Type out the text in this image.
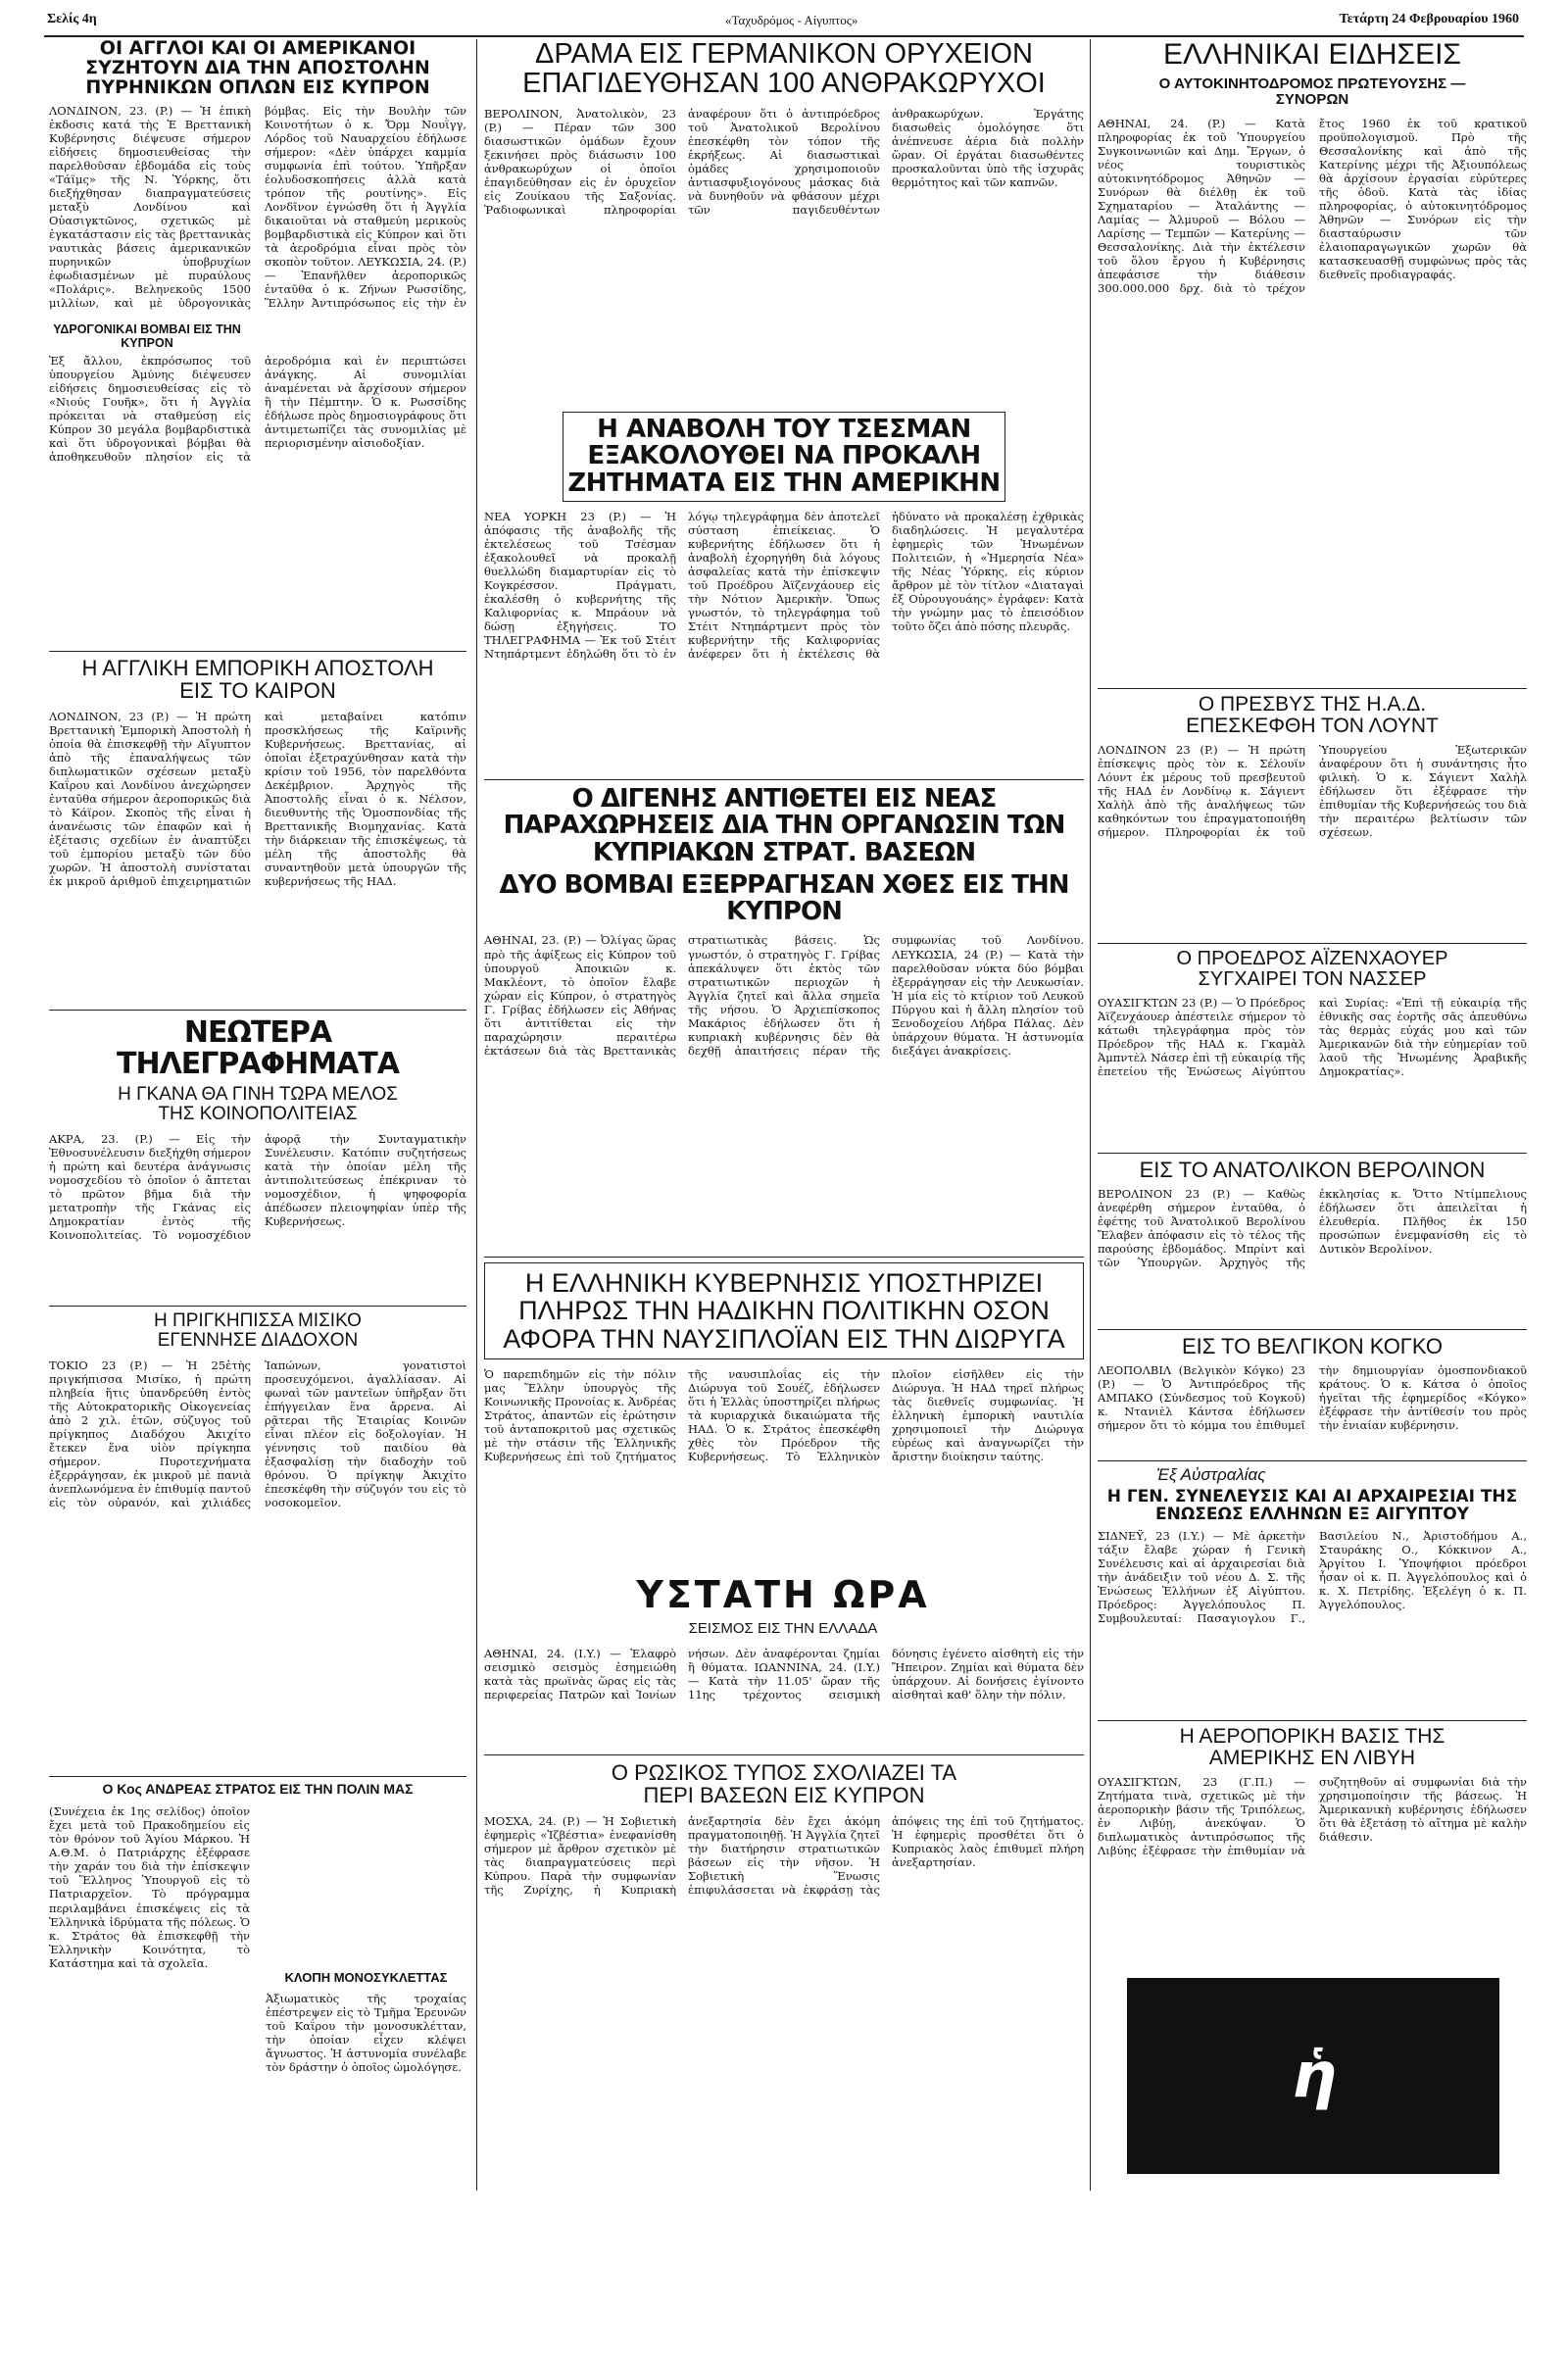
Σελίς 4η	«Ταχυδρόμος - Αίγυπτος»	Τετάρτη 24 Φεβρουαρίου 1960
ΟΙ ΑΓΓΛΟΙ ΚΑΙ ΟΙ ΑΜΕΡΙΚΑΝΟΙ ΣΥΖΗΤΟΥΝ ΔΙΑ ΤΗΝ ΑΠΟΣΤΟΛΗΝ ΠΥΡΗΝΙΚΩΝ ΟΠΛΩΝ ΕΙΣ ΚΥΠΡΟΝ
ΛΟΝΔΙΝΟΝ, 23. (P.) — Ἡ ἐπικὴ ἐκδοσις κατά τὴς Ἐ Βρεττανικὴ Κυβέρνησις διέψευσε σήμερον εἰδήσεις δημοσιευθείσας τὴν παρελθοῦσαν ἑβδομάδα εἰς τοὺς «Τάϊμς» τῆς Ν. Ὑόρκης, ὅτι διεξήχθησαν διαπραγματεύσεις μεταξὺ Λονδίνου καὶ Οὐασιγκτῶνος, σχετικῶς μὲ ἐγκατάστασιν εἰς τὰς βρεττανικὰς ναυτικὰς βάσεις ἀμερικανικῶν πυρηνικῶν ὑποβρυχίων ἐφωδιασμένων μὲ πυραύλους «Πολάρις». Βεληνεκοῦς 1500 μιλλίων, καὶ μὲ ὑδρογονικὰς βόμβας. Εἰς τὴν Βουλὴν τῶν Κοινοτήτων ὁ κ. Ὄρμ Νουῒγγ, Λόρδος τοῦ Ναυαρχείου ἐδήλωσε σήμερον: «Δὲν ὑπάρχει καμμία συμφωνία ἐπὶ τούτου. Ὑπῆρξαν ἐολυδοσκοπήσεις ἀλλὰ κατὰ τρόπον τῆς ρουτίνης». Εἰς Λονδῖνον ἐγνώσθη ὅτι ἡ Ἀγγλία δικαιοῦται νὰ σταθμεύη μερικοὺς βομβαρδιστικὰ εἰς Κύπρον καὶ ὅτι τὰ ἀεροδρόμια εἶναι πρὸς τὸν σκοπὸν τοῦτον. ΛΕΥΚΩΣΙΑ, 24. (P.) — Ἐπανῆλθεν ἀεροπορικῶς ἐνταῦθα ὁ κ. Ζήνων Ρωσσίδης, Ἕλλην Ἀντιπρόσωπος εἰς τὴν ἐν
ΥΔΡΟΓΟΝΙΚΑΙ ΒΟΜΒΑΙ ΕΙΣ ΤΗΝ ΚΥΠΡΟΝ
Ἐξ ἄλλου, ἐκπρόσωπος τοῦ ὑπουργείου Ἀμύνης διέψευσεν εἰδήσεις δημοσιευθείσας εἰς τὸ «Νιούς Γουῆκ», ὅτι ἡ Ἀγγλία πρόκειται νὰ σταθμεύσῃ εἰς Κύπρον 30 μεγάλα βομβαρδιστικὰ καὶ ὅτι ὑδρογονικαὶ βόμβαι θὰ ἀποθηκευθοῦν πλησίον εἰς τὰ ἀεροδρόμια καὶ ἐν περιπτώσει ἀνάγκης. Αἱ συνομιλίαι ἀναμένεται νὰ ἄρχίσουν σήμερον ἢ τὴν Πέμπτην. Ὁ κ. Ρωσσίδης ἐδήλωσε πρὸς δημοσιογράφους ὅτι ἀντιμετωπίζει τὰς συνομιλίας μὲ περιορισμένην αἰσιοδοξίαν.
Η ΑΓΓΛΙΚΗ ΕΜΠΟΡΙΚΗ ΑΠΟΣΤΟΛΗ ΕΙΣ ΤΟ ΚΑΙΡΟΝ
ΛΟΝΔΙΝΟΝ, 23 (P.) — Ἡ πρώτη Βρεττανικὴ Ἐμπορικὴ Ἀποστολὴ ἡ ὁποία θὰ ἐπισκεφθῇ τὴν Αἴγυπτον ἀπὸ τῆς ἐπαναλήψεως τῶν διπλωματικῶν σχέσεων μεταξὺ Καΐρου καὶ Λονδίνου ἀνεχώρησεν ἐνταῦθα σήμερον ἀεροπορικῶς διὰ τὸ Κάϊρον. Σκοπὸς τῆς εἶναι ἡ ἀνανέωσις τῶν ἐπαφῶν καὶ ἡ ἐξέτασις σχεδίων ἐν ἀναπτύξει τοῦ ἐμπορίου μεταξὺ τῶν δύο χωρῶν. Ἡ ἀποστολὴ συνίσταται ἐκ μικροῦ ἀριθμοῦ ἐπιχειρηματιῶν καὶ μεταβαίνει κατόπιν προσκλήσεως τῆς Καϊρινῆς Κυβερνήσεως. Βρεττανίας, αἱ ὁποῖαι ἐξετραχύνθησαν κατὰ τὴν κρίσιν τοῦ 1956, τὸν παρελθόντα Δεκέμβριον. Ἀρχηγὸς τῆς Ἀποστολῆς εἶναι ὁ κ. Νέλσον, διευθυντὴς τῆς Ὁμοσπονδίας τῆς Βρεττανικῆς Βιομηχανίας. Κατὰ τὴν διάρκειαν τῆς ἐπισκέψεως, τὰ μέλη τῆς ἀποστολῆς θὰ συναντηθοῦν μετὰ ὑπουργῶν τῆς κυβερνήσεως τῆς ΗΑΔ.
ΝΕΩΤΕΡΑ ΤΗΛΕΓΡΑΦΗΜΑΤΑ
Η ΓΚΑΝΑ ΘΑ ΓΙΝΗ ΤΩΡΑ ΜΕΛΟΣ ΤΗΣ ΚΟΙΝΟΠΟΛΙΤΕΙΑΣ
ΑΚΡΑ, 23. (P.) — Εἰς τὴν Ἐθνοσυνέλευσιν διεξήχθη σήμερον ἡ πρώτη καὶ δευτέρα ἀνάγνωσις νομοσχεδίου τὸ ὁποῖον ὁ ἄπτεται τὸ πρῶτον βῆμα διὰ τὴν μετατροπὴν τῆς Γκάνας εἰς Δημοκρατίαν ἐντὸς τῆς Κοινοπολιτείας. Τὸ νομοσχέδιον ἀφορᾷ τὴν Συνταγματικὴν Συνέλευσιν. Κατόπιν συζητήσεως κατὰ τὴν ὁποίαν μέλη τῆς ἀντιπολιτεύσεως ἐπέκριναν τὸ νομοσχέδιον, ἡ ψηφοφορία ἀπέδωσεν πλειοψηφίαν ὑπὲρ τῆς Κυβερνήσεως.
Η ΠΡΙΓΚΗΠΙΣΣΑ ΜΙΣΙΚΟ ΕΓΕΝΝΗΣΕ ΔΙΑΔΟΧΟΝ
ΤΟΚΙΟ 23 (P.) — Ἡ 25ἐτὴς πριγκήπισσα Μισίκο, ἡ πρώτη πληβεία ἥτις ὑπανδρεύθη ἐντὸς τῆς Αὐτοκρατορικῆς Οἰκογενείας ἀπὸ 2 χιλ. ἐτῶν, σύζυγος τοῦ πρίγκηπος Διαδόχου Ἀκιχίτο ἔτεκεν ἕνα υἱὸν πρίγκηπα σήμερον. Πυροτεχνήματα ἐξερράγησαν, ἐκ μικροῦ μὲ πανιὰ ἀνεπλωνόμενα ἐν ἐπιθυμίᾳ παντοῦ εἰς τὸν οὐρανόν, καὶ χιλιάδες Ἰαπώνων, γονατιστοὶ προσευχόμενοι, ἀγαλλίασαν. Αἱ φωναὶ τῶν μαντεῖων ὑπῆρξαν ὅτι ἐπήγγειλαν ἕνα ἄρρενα. Αἱ ρᾷτεραι τῆς Ἐταιρίας Κοινῶν εἶναι πλέον εἰς δοξολογίαν. Ἡ γέννησις τοῦ παιδίου θὰ ἐξασφαλίσῃ τὴν διαδοχὴν τοῦ θρόνου. Ὁ πρίγκηψ Ἀκιχίτο ἐπεσκέφθη τὴν σύζυγόν του εἰς τὸ νοσοκομεῖον.
Ο Κος ΑΝΔΡΕΑΣ ΣΤΡΑΤΟΣ ΕΙΣ ΤΗΝ ΠΟΛΙΝ ΜΑΣ
(Συνέχεια ἐκ 1ης σελίδος) ὁποῖον ἔχει μετὰ τοῦ Πρακοδημείου εἰς τὸν θρόνον τοῦ Ἁγίου Μάρκου. Ἡ Α.Θ.Μ. ὁ Πατριάρχης ἐξέφρασε τὴν χαράν του διὰ τὴν ἐπίσκεψιν τοῦ Ἕλληνος Ὑπουργοῦ εἰς τὸ Πατριαρχεῖον. Τὸ πρόγραμμα περιλαμβάνει ἐπισκέψεις εἰς τὰ Ἑλληνικὰ ἱδρύματα τῆς πόλεως. Ὁ κ. Στράτος θὰ ἐπισκεφθῇ τὴν Ἑλληνικὴν Κοινότητα, τὸ Κατάστημα καὶ τὰ σχολεῖα.
ΚΛΟΠΗ ΜΟΝΟΣΥΚΛΕΤΤΑΣ
Ἀξιωματικὸς τῆς τροχαίας ἐπέστρεψεν εἰς τὸ Τμῆμα Ἐρευνῶν τοῦ Καΐρου τὴν μονοσυκλέτταν, τὴν ὁποίαν εἶχεν κλέψει ἄγνωστος. Ἡ ἀστυνομία συνέλαβε τὸν δράστην ὁ ὁποῖος ὡμολόγησε.
ΔΡΑΜΑ ΕΙΣ ΓΕΡΜΑΝΙΚΟΝ ΟΡΥΧΕΙΟΝ ΕΠΑΓΙΔΕΥΘΗΣΑΝ 100 ΑΝΘΡΑΚΩΡΥΧΟΙ
ΒΕΡΟΛΙΝΟΝ, Ἀνατολικὸν, 23 (P.) — Πέραν τῶν 300 διασωστικῶν ὁμάδων ἔχουν ξεκινήσει πρὸς διάσωσιν 100 ἀνθρακωρύχων οἱ ὁποῖοι ἐπαγιδεύθησαν εἰς ἐν ὀρυχεῖον εἰς Ζουίκαου τῆς Σαξονίας. Ῥαδιοφωνικαὶ πληροφορίαι ἀναφέρουν ὅτι ὁ ἀντιπρόεδρος τοῦ Ἀνατολικοῦ Βερολίνου ἐπεσκέφθη τὸν τόπον τῆς ἐκρήξεως. Αἱ διασωστικαὶ ὁμάδες χρησιμοποιοῦν ἀντιασφυξιογόνους μάσκας διὰ νὰ δυνηθοῦν νὰ φθάσουν μέχρι τῶν παγιδευθέντων ἀνθρακωρύχων. Ἐργάτης διασωθεὶς ὁμολόγησε ὅτι ἀνέπνευσε ἀέρια διὰ πολλὴν ὥραν. Οἱ ἐργάται διασωθέντες προσκαλοῦνται ὑπὸ τῆς ἰσχυρᾶς θερμότητος καὶ τῶν καπνῶν.
Η ΑΝΑΒΟΛΗ ΤΟΥ ΤΣΕΣΜΑΝ ΕΞΑΚΟΛΟΥΘΕΙ ΝΑ ΠΡΟΚΑΛΗ ΖΗΤΗΜΑΤΑ ΕΙΣ ΤΗΝ ΑΜΕΡΙΚΗΝ
ΝΕΑ ΥΟΡΚΗ 23 (P.) — Ἡ ἀπόφασις τῆς ἀναβολῆς τῆς ἐκτελέσεως τοῦ Τσέσμαν ἐξακολουθεῖ νὰ προκαλῇ θυελλώδη διαμαρτυρίαν εἰς τὸ Κογκρέσσον. Πράγματι, ἐκαλέσθη ὁ κυβερνήτης τῆς Καλιφορνίας κ. Μπράουν νὰ δώσῃ ἐξηγήσεις. ΤΟ ΤΗΛΕΓΡΑΦΗΜΑ — Ἐκ τοῦ Στέιτ Ντηπάρτμεντ ἐδηλώθη ὅτι τὸ ἐν λόγῳ τηλεγράφημα δὲν ἀποτελεῖ σύσταση ἐπιείκειας. Ὁ κυβερνήτης ἐδήλωσεν ὅτι ἡ ἀναβολὴ ἐχορηγήθη διὰ λόγους ἀσφαλείας κατὰ τὴν ἐπίσκεψιν τοῦ Προέδρου Ἀϊζενχάουερ εἰς τὴν Νότιον Ἀμερικὴν. Ὅπως γνωστόν, τὸ τηλεγράφημα τοῦ Στέιτ Ντηπάρτμεντ πρὸς τὸν κυβερνήτην τῆς Καλιφορνίας ἀνέφερεν ὅτι ἡ ἐκτέλεσις θὰ ἠδύνατο νὰ προκαλέσῃ ἐχθρικὰς διαδηλώσεις. Ἡ μεγαλυτέρα ἐφημερὶς τῶν Ἡνωμένων Πολιτειῶν, ἡ «Ἡμερησία Νέα» τῆς Νέας Ὑόρκης, εἰς κύριον ἄρθρον μὲ τὸν τίτλον «Διαταγαὶ ἐξ Οὐρουγουάης» ἐγράφεν: Κατὰ τὴν γνώμην μας τὸ ἐπεισόδιον τοῦτο ὄζει ἀπὸ πόσης πλευρᾶς.
Ο ΔΙΓΕΝΗΣ ΑΝΤΙΘΕΤΕΙ ΕΙΣ ΝΕΑΣ ΠΑΡΑΧΩΡΗΣΕΙΣ ΔΙΑ ΤΗΝ ΟΡΓΑΝΩΣΙΝ ΤΩΝ ΚΥΠΡΙΑΚΩΝ ΣΤΡΑΤ. ΒΑΣΕΩΝ
ΔΥΟ ΒΟΜΒΑΙ ΕΞΕΡΡΑΓΗΣΑΝ ΧΘΕΣ ΕΙΣ ΤΗΝ ΚΥΠΡΟΝ
ΑΘΗΝΑΙ, 23. (P.) — Ὀλίγας ὥρας πρὸ τῆς ἀφίξεως εἰς Κύπρον τοῦ ὑπουργοῦ Ἀποικιῶν κ. Μακλέοντ, τὸ ὁποῖον ἔλαβε χώραν εἰς Κύπρον, ὁ στρατηγὸς Γ. Γρίβας ἐδήλωσεν εἰς Ἀθήνας ὅτι ἀντιτίθεται εἰς τὴν παραχώρησιν περαιτέρω ἐκτάσεων διὰ τὰς Βρεττανικὰς στρατιωτικὰς βάσεις. Ὡς γνωστόν, ὁ στρατηγὸς Γ. Γρίβας ἀπεκάλυψεν ὅτι ἐκτὸς τῶν στρατιωτικῶν περιοχῶν ἡ Ἀγγλία ζητεῖ καὶ ἄλλα σημεῖα τῆς νήσου. Ὁ Ἀρχιεπίσκοπος Μακάριος ἐδήλωσεν ὅτι ἡ κυπριακὴ κυβέρνησις δὲν θὰ δεχθῇ ἀπαιτήσεις πέραν τῆς συμφωνίας τοῦ Λονδίνου. ΛΕΥΚΩΣΙΑ, 24 (P.) — Κατὰ τὴν παρελθοῦσαν νύκτα δύο βόμβαι ἐξερράγησαν εἰς τὴν Λευκωσίαν. Ἡ μία εἰς τὸ κτίριον τοῦ Λευκοῦ Πύργου καὶ ἡ ἄλλη πλησίον τοῦ Ξενοδοχείου Λήδρα Πάλας. Δὲν ὑπάρχουν θύματα. Ἡ ἀστυνομία διεξάγει ἀνακρίσεις.
Η ΕΛΛΗΝΙΚΗ ΚΥΒΕΡΝΗΣΙΣ ΥΠΟΣΤΗΡΙΖΕΙ ΠΛΗΡΩΣ ΤΗΝ ΗΑΔΙΚΗΝ ΠΟΛΙΤΙΚΗΝ ΟΣΟΝ ΑΦΟΡΑ ΤΗΝ ΝΑΥΣΙΠΛΟΪΑΝ ΕΙΣ ΤΗΝ ΔΙΩΡΥΓΑ
Ὁ παρεπιδημῶν εἰς τὴν πόλιν μας Ἕλλην ὑπουργὸς τῆς Κοινωνικῆς Προνοίας κ. Ἀνδρέας Στράτος, ἀπαντῶν εἰς ἐρώτησιν τοῦ ἀνταποκριτοῦ μας σχετικῶς μὲ τὴν στάσιν τῆς Ἑλληνικῆς Κυβερνήσεως ἐπὶ τοῦ ζητήματος τῆς ναυσιπλοΐας εἰς τὴν Διώρυγα τοῦ Σουέζ, ἐδήλωσεν ὅτι ἡ Ἑλλὰς ὑποστηρίζει πλήρως τὰ κυριαρχικὰ δικαιώματα τῆς ΗΑΔ. Ὁ κ. Στράτος ἐπεσκέφθη χθὲς τὸν Πρόεδρον τῆς Κυβερνήσεως. Τὸ Ἑλληνικὸν πλοῖον εἰσῆλθεν εἰς τὴν Διώρυγα. Ἡ ΗΑΔ τηρεῖ πλήρως τὰς διεθνεῖς συμφωνίας. Ἡ ἑλληνικὴ ἐμπορικὴ ναυτιλία χρησιμοποιεῖ τὴν Διώρυγα εὐρέως καὶ ἀναγνωρίζει τὴν ἄριστην διοίκησιν ταύτης.
ΥΣΤΑΤΗ ΩΡΑ
ΣΕΙΣΜΟΣ ΕΙΣ ΤΗΝ ΕΛΛΑΔΑ
ΑΘΗΝΑΙ, 24. (I.Y.) — Ἐλαφρὸ σεισμικὸ σεισμὸς ἐσημειώθη κατὰ τὰς πρωϊνὰς ὥρας εἰς τὰς περιφερείας Πατρῶν καὶ Ἰονίων νήσων. Δὲν ἀναφέρονται ζημίαι ἢ θύματα. ΙΩΑΝΝΙΝΑ, 24. (I.Y.) — Κατὰ τὴν 11.05' ὥραν τῆς 11ης τρέχοντος σεισμικὴ δόνησις ἐγένετο αἰσθητὴ εἰς τὴν Ἤπειρον. Ζημίαι καὶ θύματα δὲν ὑπάρχουν. Αἱ δονήσεις ἐγίνοντο αἰσθηταὶ καθ' ὅλην τὴν πόλιν.
Ο ΡΩΣΙΚΟΣ ΤΥΠΟΣ ΣΧΟΛΙΑΖΕΙ ΤΑ ΠΕΡΙ ΒΑΣΕΩΝ ΕΙΣ ΚΥΠΡΟΝ
ΜΟΣΧΑ, 24. (P.) — Ἡ Σοβιετικὴ ἐφημερὶς «Ἰζβέστια» ἐνεφανίσθη σήμερον μὲ ἄρθρον σχετικὸν μὲ τὰς διαπραγματεύσεις περὶ Κύπρου. Παρὰ τὴν συμφωνίαν τῆς Ζυρίχης, ἡ Κυπριακὴ ἀνεξαρτησία δὲν ἔχει ἀκόμη πραγματοποιηθῇ. Ἡ Ἀγγλία ζητεῖ τὴν διατήρησιν στρατιωτικῶν βάσεων εἰς τὴν νῆσον. Ἡ Σοβιετικὴ Ἕνωσις ἐπιφυλάσσεται νὰ ἐκφράσῃ τὰς ἀπόψεις της ἐπὶ τοῦ ζητήματος. Ἡ ἐφημερὶς προσθέτει ὅτι ὁ Κυπριακὸς λαὸς ἐπιθυμεῖ πλήρη ἀνεξαρτησίαν.
ΕΛΛΗΝΙΚΑΙ ΕΙΔΗΣΕΙΣ
Ο ΑΥΤΟΚΙΝΗΤΟΔΡΟΜΟΣ ΠΡΩΤΕΥΟΥΣΗΣ — ΣΥΝΟΡΩΝ
ΑΘΗΝΑΙ, 24. (P.) — Κατὰ πληροφορίας ἐκ τοῦ Ὑπουργείου Συγκοινωνιῶν καὶ Δημ. Ἔργων, ὁ νέος τουριστικὸς αὐτοκινητόδρομος Ἀθηνῶν — Συνόρων θὰ διέλθῃ ἐκ τοῦ Σχηματαρίου — Ἀταλάντης — Λαμίας — Ἀλμυροῦ — Βόλου — Λαρίσης — Τεμπῶν — Κατερίνης — Θεσσαλονίκης. Διὰ τὴν ἐκτέλεσιν τοῦ ὅλου ἔργου ἡ Κυβέρνησις ἀπεφάσισε τὴν διάθεσιν 300.000.000 δρχ. διὰ τὸ τρέχον ἔτος 1960 ἐκ τοῦ κρατικοῦ προϋπολογισμοῦ. Πρὸ τῆς Θεσσαλονίκης καὶ ἀπὸ τῆς Κατερίνης μέχρι τῆς Ἀξιουπόλεως θὰ ἀρχίσουν ἐργασίαι εὐρύτερες τῆς ὁδοῦ. Κατὰ τὰς ἰδίας πληροφορίας, ὁ αὐτοκινητόδρομος Ἀθηνῶν — Συνόρων εἰς τὴν διασταύρωσιν τῶν ἐλαιοπαραγωγικῶν χωρῶν θὰ κατασκευασθῇ συμφώνως πρὸς τὰς διεθνεῖς προδιαγραφάς.
Ο ΠΡΕΣΒΥΣ ΤΗΣ Η.Α.Δ. ΕΠΕΣΚΕΦΘΗ ΤΟΝ ΛΟΥΝΤ
ΛΟΝΔΙΝΟΝ 23 (P.) — Ἡ πρώτη ἐπίσκεψις πρὸς τὸν κ. Σέλουϊν Λόυντ ἐκ μέρους τοῦ πρεσβευτοῦ τῆς ΗΑΔ ἐν Λονδίνῳ κ. Σάγιεντ Χαλὴλ ἀπὸ τῆς ἀναλήψεως τῶν καθηκόντων του ἐπραγματοποιήθη σήμερον. Πληροφορίαι ἐκ τοῦ Ὑπουργείου Ἐξωτερικῶν ἀναφέρουν ὅτι ἡ συνάντησις ἦτο φιλικὴ. Ὁ κ. Σάγιεντ Χαλὴλ ἐδήλωσεν ὅτι ἐξέφρασε τὴν ἐπιθυμίαν τῆς Κυβερνήσεώς του διὰ τὴν περαιτέρω βελτίωσιν τῶν σχέσεων.
Ο ΠΡΟΕΔΡΟΣ ΑΪΖΕΝΧΑΟΥΕΡ ΣΥΓΧΑΙΡΕΙ ΤΟΝ ΝΑΣΣΕΡ
ΟΥΑΣΙΓΚΤΩΝ 23 (P.) — Ὁ Πρόεδρος Ἀϊζενχάουερ ἀπέστειλε σήμερον τὸ κάτωθι τηλεγράφημα πρὸς τὸν Πρόεδρον τῆς ΗΑΔ κ. Γκαμὰλ Ἀμπντὲλ Νάσερ ἐπὶ τῇ εὐκαιρίᾳ τῆς ἐπετείου τῆς Ἑνώσεως Αἰγύπτου καὶ Συρίας: «Ἐπὶ τῇ εὐκαιρίᾳ τῆς ἐθνικῆς σας ἑορτῆς σᾶς ἀπευθύνω τὰς θερμὰς εὐχάς μου καὶ τῶν Ἀμερικανῶν διὰ τὴν εὐημερίαν τοῦ λαοῦ τῆς Ἡνωμένης Ἀραβικῆς Δημοκρατίας».
ΕΙΣ ΤΟ ΑΝΑΤΟΛΙΚΟΝ ΒΕΡΟΛΙΝΟΝ
ΒΕΡΟΛΙΝΟΝ 23 (P.) — Καθὼς ἀνεφέρθη σήμερον ἐνταῦθα, ὁ ἐφέτης τοῦ Ἀνατολικοῦ Βερολίνου Ἔλαβεν ἀπόφασιν εἰς τὸ τέλος τῆς παρούσης ἑβδομάδος. Μπρίντ καὶ τῶν Ὑπουργῶν. Ἀρχηγὸς τῆς ἐκκλησίας κ. Ὄττο Ντίμπελιους ἐδήλωσεν ὅτι ἀπειλεῖται ἡ ἐλευθερία. Πλῆθος ἐκ 150 προσώπων ἐνεμφανίσθη εἰς τὸ Δυτικὸν Βερολίνον.
ΕΙΣ ΤΟ ΒΕΛΓΙΚΟΝ ΚΟΓΚΟ
ΛΕΟΠΟΛΒΙΛ (Βελγικὸν Κόγκο) 23 (P.) — Ὁ Ἀντιπρόεδρος τῆς ΑΜΠΑΚΟ (Σύνδεσμος τοῦ Κογκοῦ) κ. Ντανιὲλ Κάντσα ἐδήλωσεν σήμερον ὅτι τὸ κόμμα του ἐπιθυμεῖ τὴν δημιουργίαν ὁμοσπονδιακοῦ κράτους. Ὁ κ. Κάτσα ὁ ὁποῖος ἡγεῖται τῆς ἐφημερίδος «Κόγκο» ἐξέφρασε τὴν ἀντίθεσίν του πρὸς τὴν ἑνιαίαν κυβέρνησιν.
Ἐξ Αὐστραλίας
Η ΓΕΝ. ΣΥΝΕΛΕΥΣΙΣ ΚΑΙ ΑΙ ΑΡΧΑΙΡΕΣΙΑΙ ΤΗΣ ΕΝΩΣΕΩΣ ΕΛΛΗΝΩΝ ΕΞ ΑΙΓΥΠΤΟΥ
ΣΙΔΝΕΫ, 23 (I.Y.) — Μὲ ἀρκετὴν τάξιν ἔλαβε χώραν ἡ Γενικὴ Συνέλευσις καὶ αἱ ἀρχαιρεσίαι διὰ τὴν ἀνάδειξιν τοῦ νέου Δ. Σ. τῆς Ἑνώσεως Ἑλλήνων ἐξ Αἰγύπτου. Πρόεδρος: Ἀγγελόπουλος Π. Συμβουλευταί: Πασαγιογλου Γ., Βασιλείου Ν., Ἀριστοδήμου Α., Σταυράκης Ο., Κόκκινον Α., Ἀργίτου Ι. Ὑποψήφιοι πρόεδροι ἦσαν οἱ κ. Π. Ἀγγελόπουλος καὶ ὁ κ. Χ. Πετρίδης. Ἐξελέγη ὁ κ. Π. Ἀγγελόπουλος.
Η ΑΕΡΟΠΟΡΙΚΗ ΒΑΣΙΣ ΤΗΣ ΑΜΕΡΙΚΗΣ ΕΝ ΛΙΒΥΗ
ΟΥΑΣΙΓΚΤΩΝ, 23 (Γ.Π.) — Ζητήματα τινὰ, σχετικῶς μὲ τὴν ἀεροπορικὴν βάσιν τῆς Τριπόλεως, ἐν Λιβύῃ, ἀνεκύψαν. Ὁ διπλωματικὸς ἀντιπρόσωπος τῆς Λιβύης ἐξέφρασε τὴν ἐπιθυμίαν νὰ συζητηθοῦν αἱ συμφωνίαι διὰ τὴν χρησιμοποίησιν τῆς βάσεως. Ἡ Ἀμερικανικὴ κυβέρνησις ἐδήλωσεν ὅτι θὰ ἐξετάσῃ τὸ αἴτημα μὲ καλὴν διάθεσιν.
ἡ ΜΟΥΓΕΤΑ
